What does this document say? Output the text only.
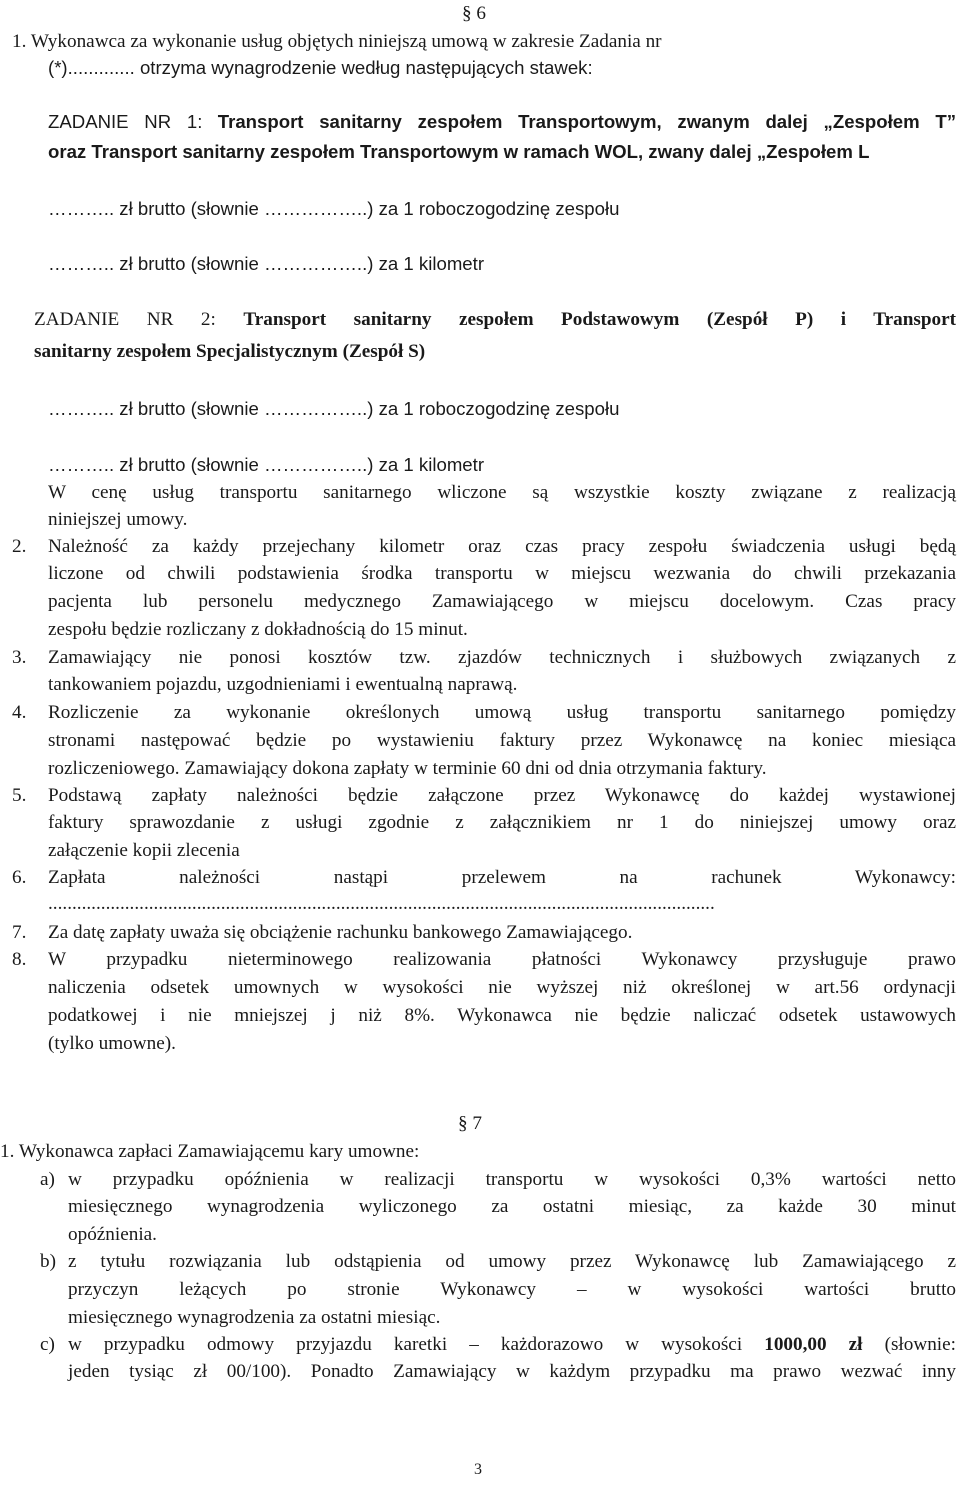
§ 6
1. Wykonawca za wykonanie usług objętych niniejszą umową w zakresie Zadania nr
(*)............. otrzyma wynagrodzenie według następujących stawek:
ZADANIE NR 1: Transport sanitarny zespołem Transportowym, zwanym dalej „Zespołem T”
oraz Transport sanitarny zespołem Transportowym w ramach WOL, zwany dalej „Zespołem L
……….. zł brutto (słownie ……………..) za 1 roboczogodzinę zespołu
……….. zł brutto (słownie ……………..) za 1 kilometr
ZADANIE NR 2: Transport sanitarny zespołem Podstawowym (Zespół P) i Transport
sanitarny zespołem Specjalistycznym (Zespół S)
……….. zł brutto (słownie ……………..) za 1 roboczogodzinę zespołu
……….. zł brutto (słownie ……………..) za 1 kilometr
W cenę usług transportu sanitarnego wliczone są wszystkie koszty związane z realizacją
niniejszej umowy.
2. Należność za każdy przejechany kilometr oraz czas pracy zespołu świadczenia usługi będą
liczone od chwili podstawienia środka transportu w miejscu wezwania do chwili przekazania
pacjenta lub personelu medycznego Zamawiającego w miejscu docelowym. Czas pracy
zespołu będzie rozliczany z dokładnością do 15 minut.
3. Zamawiający nie ponosi kosztów tzw. zjazdów technicznych i służbowych związanych z
tankowaniem pojazdu, uzgodnieniami i ewentualną naprawą.
4. Rozliczenie za wykonanie określonych umową usług transportu sanitarnego pomiędzy
stronami następować będzie po wystawieniu faktury przez Wykonawcę na koniec miesiąca
rozliczeniowego. Zamawiający dokona zapłaty w terminie 60 dni od dnia otrzymania faktury.
5. Podstawą zapłaty należności będzie załączone przez Wykonawcę do każdej wystawionej
faktury sprawozdanie z usługi zgodnie z załącznikiem nr 1 do niniejszej umowy oraz
załączenie kopii zlecenia
6. Zapłata należności nastąpi przelewem na rachunek Wykonawcy:
...........................................................................................................................................
7. Za datę zapłaty uważa się obciążenie rachunku bankowego Zamawiającego.
8. W przypadku nieterminowego realizowania płatności Wykonawcy przysługuje prawo
naliczenia odsetek umownych w wysokości nie wyższej niż określonej w art.56 ordynacji
podatkowej i nie mniejszej j niż 8%. Wykonawca nie będzie naliczać odsetek ustawowych
(tylko umowne).
§ 7
1. Wykonawca zapłaci Zamawiającemu kary umowne:
a) w przypadku opóźnienia w realizacji transportu w wysokości 0,3% wartości netto
miesięcznego wynagrodzenia wyliczonego za ostatni miesiąc, za każde 30 minut
opóźnienia.
b) z tytułu rozwiązania lub odstąpienia od umowy przez Wykonawcę lub Zamawiającego z
przyczyn leżących po stronie Wykonawcy – w wysokości wartości brutto
miesięcznego wynagrodzenia za ostatni miesiąc.
c) w przypadku odmowy przyjazdu karetki – każdorazowo w wysokości 1000,00 zł (słownie:
jeden tysiąc zł 00/100). Ponadto Zamawiający w każdym przypadku ma prawo wezwać inny
3
